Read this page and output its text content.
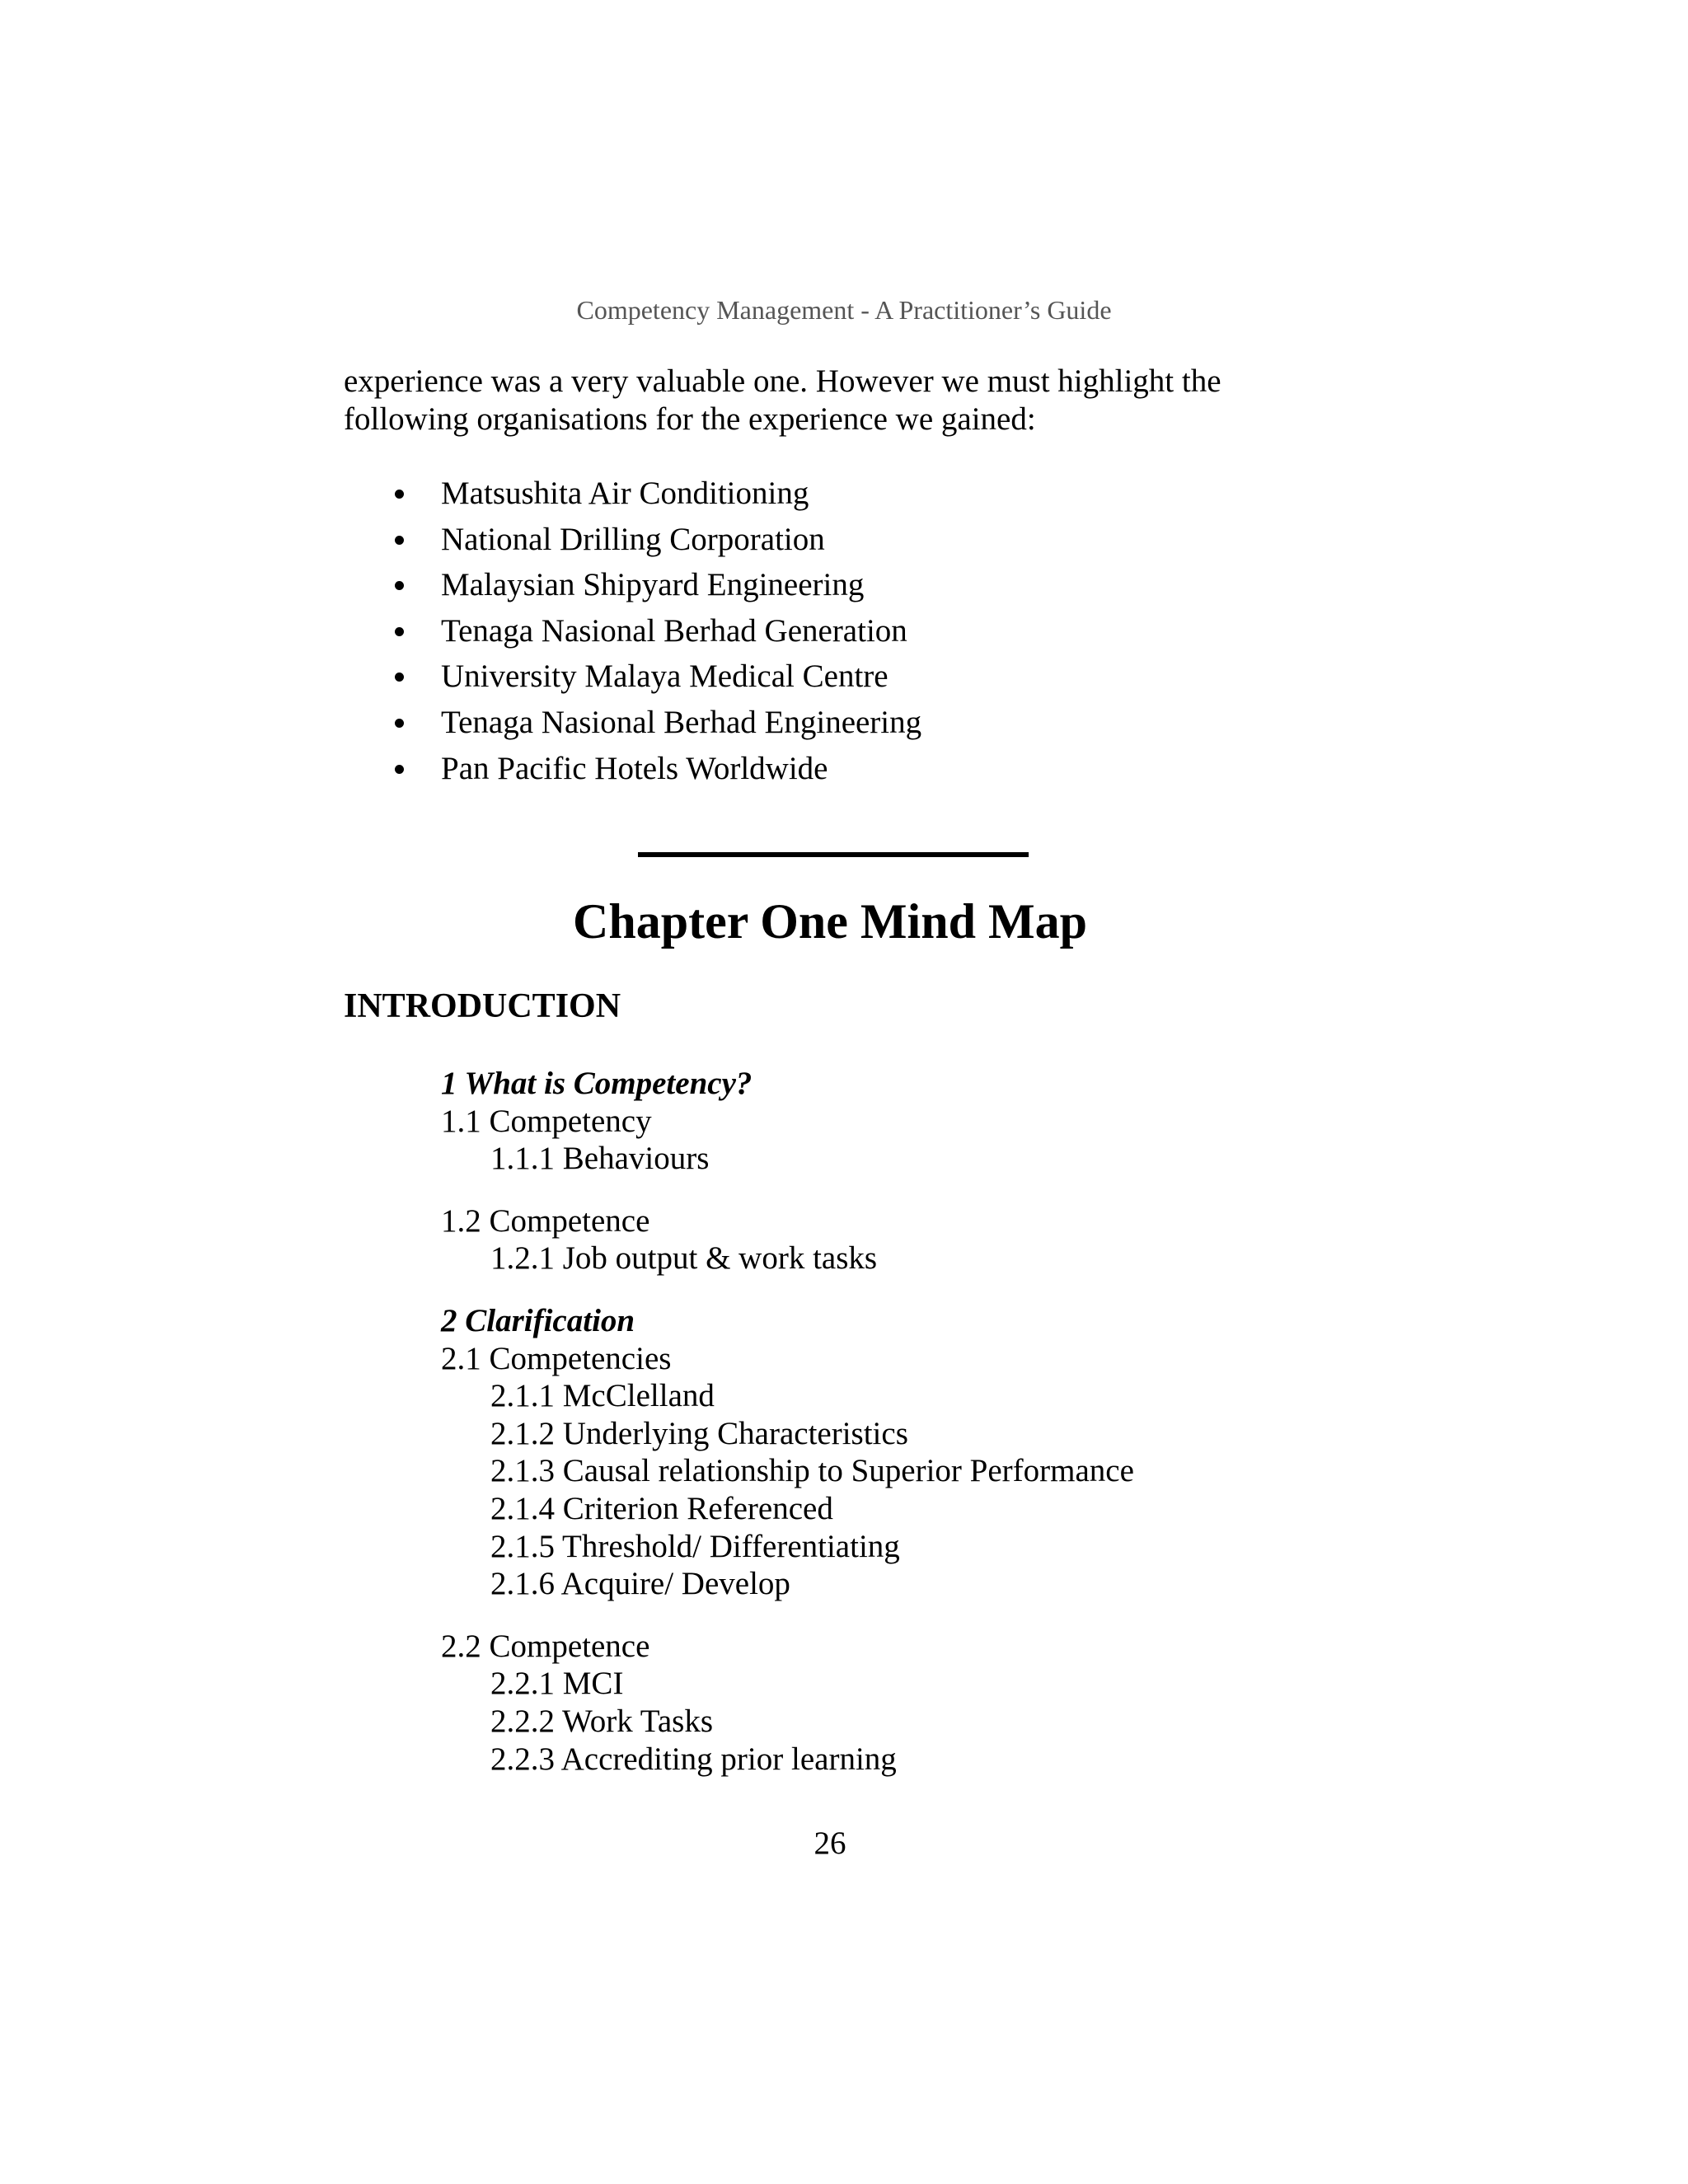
Competency Management - A Practitioner’s Guide

experience was a very valuable one. However we must highlight the
following organisations for the experience we gained:

Matsushita Air Conditioning
National Drilling Corporation
Malaysian Shipyard Engineering
Tenaga Nasional Berhad Generation
University Malaya Medical Centre
Tenaga Nasional Berhad Engineering
Pan Pacific Hotels Worldwide
Chapter One Mind Map
INTRODUCTION
1 What is Competency?
1.1 Competency
1.1.1 Behaviours
1.2 Competence
1.2.1 Job output & work tasks
2 Clarification
2.1 Competencies
2.1.1 McClelland
2.1.2 Underlying Characteristics
2.1.3 Causal relationship to Superior Performance
2.1.4 Criterion Referenced
2.1.5 Threshold/ Differentiating
2.1.6 Acquire/ Develop
2.2 Competence
2.2.1 MCI
2.2.2 Work Tasks
2.2.3 Accrediting prior learning
26
